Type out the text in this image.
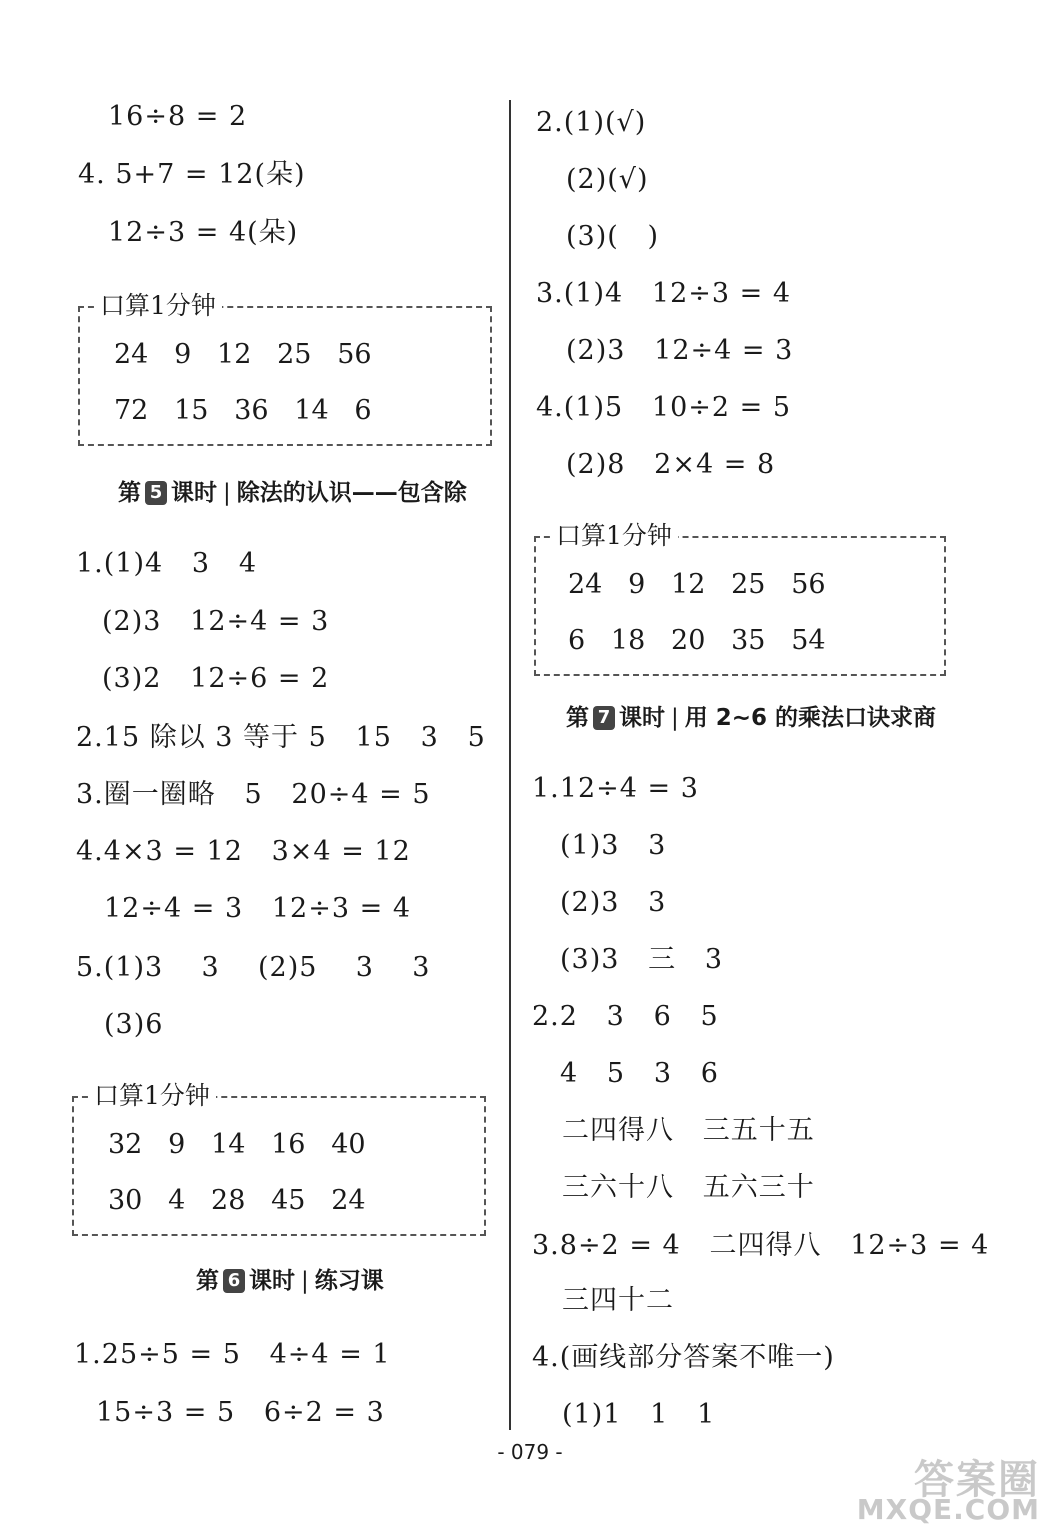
16÷8 = 2
4. 5+7 = 12(朵)
12÷3 = 4(朵)
口算1分钟
24   9   12   25   56
72   15   36   14   6
第 5 课时 | 除法的认识——包含除
1.(1)4   3   4
(2)3   12÷4 = 3
(3)2   12÷6 = 2
2.15 除以 3 等于 5   15   3   5
3.圈一圈略   5   20÷4 = 5
4.4×3 = 12   3×4 = 12
12÷4 = 3   12÷3 = 4
5.(1)3    3    (2)5    3    3
(3)6
口算1分钟
32   9   14   16   40
30   4   28   45   24
第 6 课时 | 练习课
1.25÷5 = 5   4÷4 = 1
15÷3 = 5   6÷2 = 3
2.(1)(√)
(2)(√)
(3)(   )
3.(1)4   12÷3 = 4
(2)3   12÷4 = 3
4.(1)5   10÷2 = 5
(2)8   2×4 = 8
口算1分钟
24   9   12   25   56
6   18   20   35   54
第 7 课时 | 用 2~6 的乘法口诀求商
1.12÷4 = 3
(1)3   3
(2)3   3
(3)3   三   3
2.2   3   6   5
4   5   3   6
二四得八   三五十五
三六十八   五六三十
3.8÷2 = 4   二四得八   12÷3 = 4
三四十二
4.(画线部分答案不唯一)
(1)1   1   1
- 079 -
答案圈
MXQE.COM
